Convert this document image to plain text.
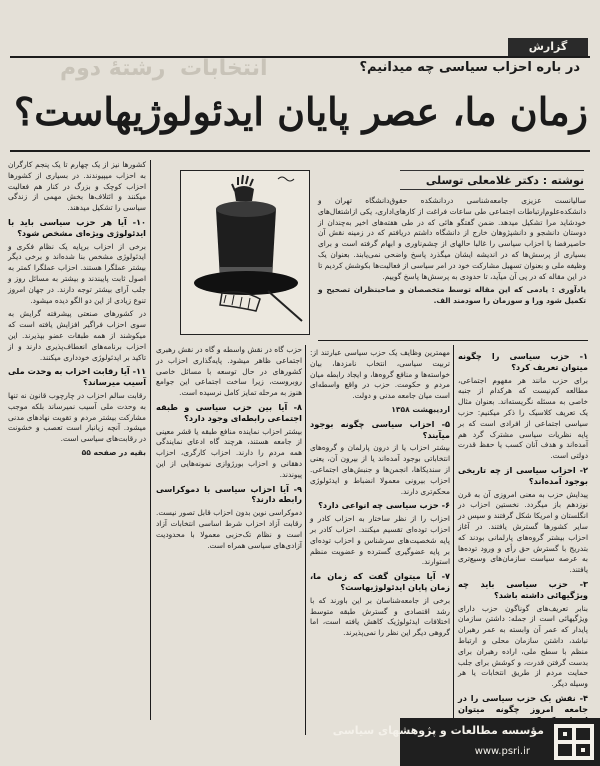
گزارش
انتخابات
رشتهٔ دوم	در باره احزاب سیاسی چه میدانیم؟
زمان ما، عصر پایان ایدئولوژیهاست؟
نوشته : دکتر غلامعلی توسلی

سالیانست عزیزی جامعه‌شناسی دردانشکده حقوق‌دانشگاه تهران و دانشکده‌علوم‌ارتباطات اجتماعی طی ساعات فراغت از کارهای‌اداری، یکی ازاشتغال‌های خودشاید مرا تشکیل میدهد. ضمن گفتگو هائی که در طی هفته‌های اخیر به‌چندان از دوستان دانشجو و دانشپژوهان خارج از دانشگاه داشتم دریافتم که در زمینه نقش آن حاصیرفضا یا احزاب سیاسی را غالبا حالهای از چشم‌ناوری و ابهام گرفته است و برای بسیاری از پرسش‌ها که در اندیشه ایشان میگذرد پاسخ واضحی نمی‌یابند. بعنوان یک وظیفه ملی و بعنوان تسهیل مشارکت خود در امر سیاسی از فعالیت‌ها بکوشش کردیم تا در این مقاله که در پی آن میآید، تا حدودی به پرسش‌ها پاسخ گوییم.

یادآوری : یادمی که این مقاله توسط متخصصان و صاحبنظران تصحیح و تکمیل شود ورا و سوزمان را سودمند الف.

۱- حزب سیاسی را چگونه میتوان تعریف کرد؟

برای حزب مانند هر مفهوم اجتماعی، مطالعه کم‌نیست که هرکدام از جنبه خاصی به مسئله نگریسته‌اند. بعنوان مثال یک تعریف کلاسیک را ذکر میکنیم: حزب سیاسی اجتماعی از افرادی است که بر پایه نظریات سیاسی مشترک گرد هم آمده‌اند و هدف آنان کسب یا حفظ قدرت دولتی است.

۲- احزاب سیاسی از چه تاریخی بوجود آمده‌اند؟

پیدایش حزب به معنی امروزی آن به قرن نوزدهم باز میگردد. نخستین احزاب در انگلستان و امریکا شکل گرفتند و سپس در سایر کشورها گسترش یافتند. در آغاز احزاب بیشتر گروه‌های پارلمانی بودند که بتدریج با گسترش حق رأی و ورود توده‌ها به عرصه سیاست سازمان‌های وسیع‌تری یافتند.

۳- حزب سیاسی باید چه ویژگیهائی داشته باشد؟

بنابر تعریف‌های گوناگون حزب دارای ویژگیهائی است از جمله: داشتن سازمان پایدار که عمر آن وابسته به عمر رهبران نباشد، داشتن سازمان محلی و ارتباط منظم با سطح ملی، اراده رهبران برای بدست گرفتن قدرت، و کوشش برای جلب حمایت مردم از طریق انتخابات یا هر وسیله دیگر.

۴- نقش یک حزب سیاسی را در جامعه امروز چگونه میتوان

مهمترین وظایف یک حزب سیاسی عبارتند از: تربیت سیاسی، انتخاب نامزدها، بیان خواسته‌ها و منافع گروه‌ها، و ایجاد رابطه میان مردم و حکومت. حزب در واقع واسطه‌ای است میان جامعه مدنی و دولت.

اردیبهشت ۱۳۵۸
۵- احزاب سیاسی چگونه بوجود میآیند؟

بیشتر احزاب یا از درون پارلمان و گروه‌های انتخاباتی بوجود آمده‌اند یا از بیرون آن، یعنی از سندیکاها، انجمن‌ها و جنبش‌های اجتماعی. احزاب بیرونی معمولا انضباط و ایدئولوژی محکم‌تری دارند.

۶- حزب سیاسی چه انواعی دارد؟

احزاب را از نظر ساختار به احزاب کادر و احزاب توده‌ای تقسیم میکنند. احزاب کادر بر پایه شخصیت‌های سرشناس و احزاب توده‌ای بر پایه عضوگیری گسترده و عضویت منظم استوارند.

۷- آیا میتوان گفت که زمان ما، زمان پایان ایدئولوژیهاست؟

برخی از جامعه‌شناسان بر این باورند که با رشد اقتصادی و گسترش طبقه متوسط اختلافات ایدئولوژیک کاهش یافته است، اما گروهی دیگر این نظر را نمی‌پذیرند.

حزب گاه در نقش واسطه و گاه در نقش رهبری اجتماعی ظاهر میشود. پایه‌گذاری احزاب در کشورهای در حال توسعه با مسائل خاصی روبروست، زیرا ساخت اجتماعی این جوامع هنوز به مرحله تمایز کامل نرسیده است.

۸- آیا بین حزب سیاسی و طبقه اجتماعی رابطه‌ای وجود دارد؟

بیشتر احزاب نماینده منافع طبقه یا قشر معینی از جامعه هستند، هرچند گاه ادعای نمایندگی همه مردم را دارند. احزاب کارگری، احزاب دهقانی و احزاب بورژوازی نمونه‌هایی از این پیوندند.

۹- آیا احزاب سیاسی با دموکراسی رابطه دارند؟

دموکراسی نوین بدون احزاب قابل تصور نیست. رقابت آزاد احزاب شرط اساسی انتخابات آزاد است و نظام تک‌حزبی معمولا با محدودیت آزادی‌های سیاسی همراه است.

کشورها نیز از یک چهارم تا یک پنجم کارگران به احزاب میپیوندند. در بسیاری از کشورها احزاب کوچک و بزرگ در کنار هم فعالیت میکنند و ائتلاف‌ها بخش مهمی از زندگی سیاسی را تشکیل میدهند.

۱۰- آیا هر حزب سیاسی باید با ایدئولوژی ویژه‌ای مشخص شود؟

برخی از احزاب برپایه یک نظام فکری و ایدئولوژی مشخص بنا شده‌اند و برخی دیگر بیشتر عملگرا هستند. احزاب عملگرا کمتر به اصول ثابت پایبندند و بیشتر به مسائل روز و جلب آرای بیشتر توجه دارند. در جهان امروز تنوع زیادی از این دو الگو دیده میشود.

در کشورهای صنعتی پیشرفته گرایش به سوی احزاب فراگیر افزایش یافته است که میکوشند از همه طبقات عضو بپذیرند. این احزاب برنامه‌های انعطاف‌پذیری دارند و از تاکید بر ایدئولوژی خودداری میکنند.

۱۱- آیا رقابت احزاب به وحدت ملی آسیب میرساند؟

رقابت سالم احزاب در چارچوب قانون نه تنها به وحدت ملی آسیب نمیرساند بلکه موجب مشارکت بیشتر مردم و تقویت نهادهای مدنی میشود. آنچه زیانبار است تعصب و خشونت در رقابت‌های سیاسی است.

بقیه در صفحه ۵۵
مؤسسه مطالعات و پژوهشهای سیاسی
www.psri.ir
